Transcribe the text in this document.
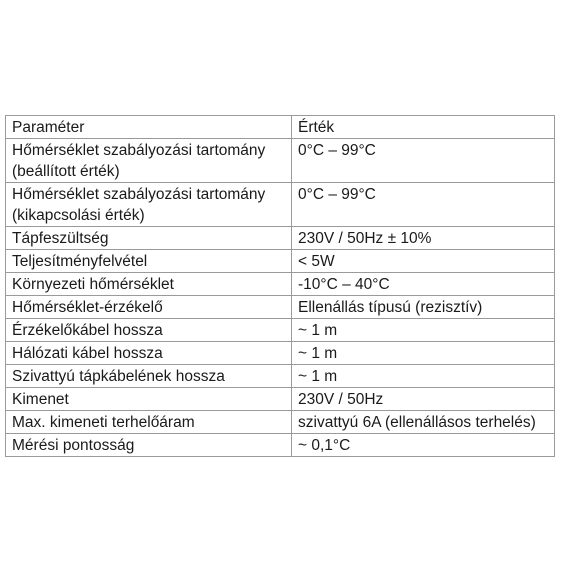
Paraméter	Érték

Hőmérséklet szabályozási tartomány
(beállított érték)	0°C – 99°C

Hőmérséklet szabályozási tartomány
(kikapcsolási érték)	0°C – 99°C
Tápfeszültség	230V / 50Hz ± 10%
Teljesítményfelvétel	< 5W
Környezeti hőmérséklet	-10°C – 40°C
Hőmérséklet-érzékelő	Ellenállás típusú (rezisztív)
Érzékelőkábel hossza	~ 1 m
Hálózati kábel hossza	~ 1 m
Szivattyú tápkábelének hossza	~ 1 m
Kimenet	230V / 50Hz
Max. kimeneti terhelőáram	szivattyú 6A (ellenállásos terhelés)
Mérési pontosság	~ 0,1°C
